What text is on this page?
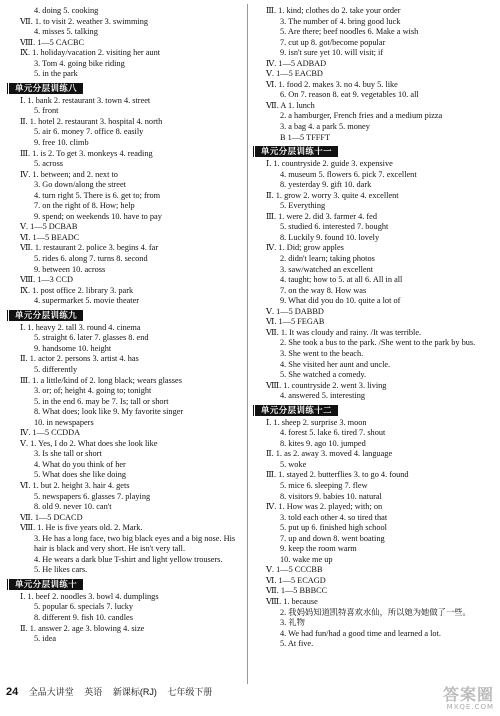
4. doing 5. cooking
Ⅶ. 1. to visit 2. weather 3. swimming
4. misses 5. talking
Ⅷ. 1—5 CACBC
Ⅸ. 1. holiday/vacation 2. visiting her aunt
3. Tom 4. going bike riding
5. in the park
单元分层训练八
Ⅰ. 1. bank 2. restaurant 3. town 4. street
5. front
Ⅱ. 1. hotel 2. restaurant 3. hospital 4. north
5. air 6. money 7. office 8. easily
9. free 10. climb
Ⅲ. 1. is 2. To get 3. monkeys 4. reading
5. across
Ⅳ. 1. between; and 2. next to
3. Go down/along the street
4. turn right 5. There is 6. get to; from
7. on the right of 8. How; help
9. spend; on weekends 10. have to pay
Ⅴ. 1—5 DCBAB
Ⅵ. 1—5 BEADC
Ⅶ. 1. restaurant 2. police 3. begins 4. far
5. rides 6. along 7. turns 8. second
9. between 10. across
Ⅷ. 1—3 CCD
Ⅸ. 1. post office 2. library 3. park
4. supermarket 5. movie theater
单元分层训练九
Ⅰ. 1. heavy 2. tall 3. round 4. cinema
5. straight 6. later 7. glasses 8. end
9. handsome 10. height
Ⅱ. 1. actor 2. persons 3. artist 4. has
5. differently
Ⅲ. 1. a little/kind of 2. long black; wears glasses
3. or; of; height 4. going to; tonight
5. in the end 6. may be 7. Is; tall or short
8. What does; look like 9. My favorite singer
10. in newspapers
Ⅳ. 1—5 CCDDA
Ⅴ. 1. Yes, I do 2. What does she look like
3. Is she tall or short
4. What do you think of her
5. What does she like doing
Ⅵ. 1. but 2. height 3. hair 4. gets
5. newspapers 6. glasses 7. playing
8. old 9. never 10. can't
Ⅶ. 1—5 DCACD
Ⅷ. 1. He is five years old. 2. Mark.
3. He has a long face, two big black eyes and a big nose. His hair is black and very short. He isn't very tall.
4. He wears a dark blue T-shirt and light yellow trousers.
5. He likes cars.
单元分层训练十
Ⅰ. 1. beef 2. noodles 3. bowl 4. dumplings
5. popular 6. specials 7. lucky
8. different 9. fish 10. candles
Ⅱ. 1. answer 2. age 3. blowing 4. size
5. idea
Ⅲ. 1. kind; clothes do 2. take your order
3. The number of 4. bring good luck
5. Are there; beef noodles 6. Make a wish
7. cut up 8. got/become popular
9. isn't sure yet 10. will visit; if
Ⅳ. 1—5 ADBAD
Ⅴ. 1—5 EACBD
Ⅵ. 1. food 2. makes 3. no 4. buy 5. like
6. On 7. reason 8. eat 9. vegetables 10. all
Ⅶ. A 1. lunch
2. a hamburger, French fries and a medium pizza
3. a bag 4. a park 5. money
B 1—5 TFFFT
单元分层训练十一
Ⅰ. 1. countryside 2. guide 3. expensive
4. museum 5. flowers 6. pick 7. excellent
8. yesterday 9. gift 10. dark
Ⅱ. 1. grow 2. worry 3. quite 4. excellent
5. Everything
Ⅲ. 1. were 2. did 3. farmer 4. fed
5. studied 6. interested 7. bought
8. Luckily 9. found 10. lovely
Ⅳ. 1. Did; grow apples
2. didn't learn; taking photos
3. saw/watched an excellent
4. taught; how to 5. at all 6. All in all
7. on the way 8. How was
9. What did you do 10. quite a lot of
Ⅴ. 1—5 DABBD
Ⅵ. 1—5 FEGAB
Ⅶ. 1. It was cloudy and rainy. /It was terrible.
2. She took a bus to the park. /She went to the park by bus.
3. She went to the beach.
4. She visited her aunt and uncle.
5. She watched a comedy.
Ⅷ. 1. countryside 2. went 3. living
4. answered 5. interesting
单元分层训练十二
Ⅰ. 1. sheep 2. surprise 3. moon
4. forest 5. lake 6. tired 7. shout
8. kites 9. ago 10. jumped
Ⅱ. 1. as 2. away 3. moved 4. language
5. woke
Ⅲ. 1. stayed 2. butterflies 3. to go 4. found
5. mice 6. sleeping 7. flew
8. visitors 9. babies 10. natural
Ⅳ. 1. How was 2. played; with; on
3. told each other 4. so tired that
5. put up 6. finished high school
7. up and down 8. went boating
9. keep the room warm
10. wake me up
Ⅴ. 1—5 CCCBB
Ⅵ. 1—5 ECAGD
Ⅶ. 1—5 BBBCC
Ⅷ. 1. because
2. 我妈妈知道凯特喜欢水仙，所以她为她做了一些。
3. 礼物
4. We had fun/had a good time and learned a lot.
5. At five.
24 全品大讲堂 英语 新课标(RJ) 七年级下册	答案圈
MXQE.COM
